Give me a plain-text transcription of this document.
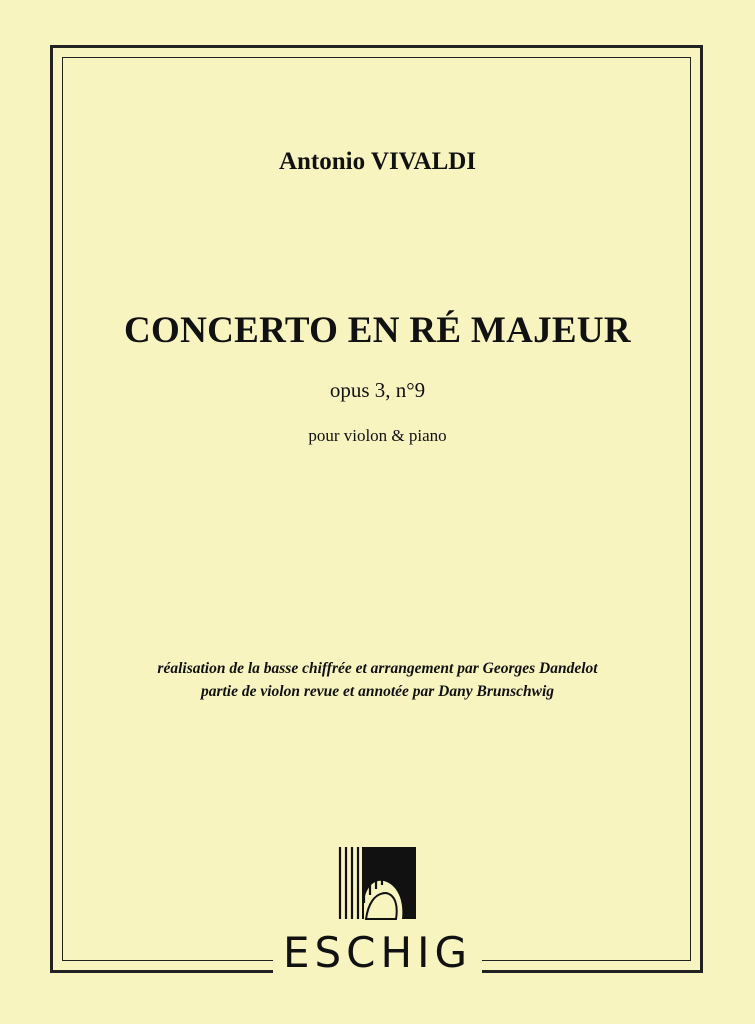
Antonio VIVALDI
CONCERTO EN RÉ MAJEUR
opus 3, n°9
pour violon & piano
réalisation de la basse chiffrée et arrangement par Georges Dandelot
partie de violon revue et annotée par Dany Brunschwig
ESCHIG
